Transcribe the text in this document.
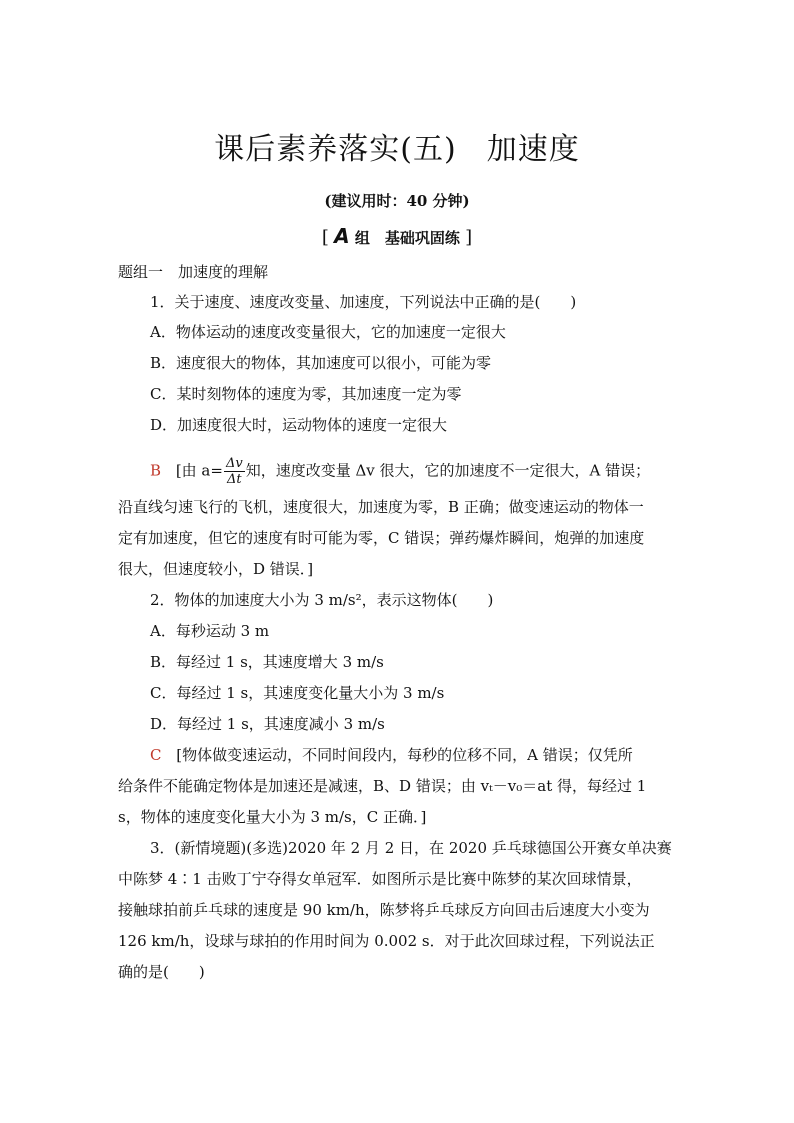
课后素养落实(五) 加速度
(建议用时：40 分钟)
[ A 组　基础巩固练 ]
题组一　加速度的理解
1．关于速度、速度改变量、加速度，下列说法中正确的是(　　)
A．物体运动的速度改变量很大，它的加速度一定很大
B．速度很大的物体，其加速度可以很小，可能为零
C．某时刻物体的速度为零，其加速度一定为零
D．加速度很大时，运动物体的速度一定很大
B [由 $a= \frac{\Delta v}{\Delta t}$ 知，速度改变量 Δv 很大，它的加速度不一定很大，A 错误；
沿直线匀速飞行的飞机，速度很大，加速度为零，B 正确；做变速运动的物体一
定有加速度，但它的速度有时可能为零，C 错误；弹药爆炸瞬间，炮弹的加速度
很大，但速度较小，D 错误．]
2．物体的加速度大小为 3 m/s²，表示这物体(　　)
A．每秒运动 3 m
B．每经过 1 s，其速度增大 3 m/s
C．每经过 1 s，其速度变化量大小为 3 m/s
D．每经过 1 s，其速度减小 3 m/s
C [物体做变速运动，不同时间段内，每秒的位移不同，A 错误；仅凭所
给条件不能确定物体是加速还是减速，B、D 错误；由 vₜ－v₀＝at 得，每经过 1
s，物体的速度变化量大小为 3 m/s，C 正确．]
3．(新情境题)(多选)2020 年 2 月 2 日，在 2020 乒乓球德国公开赛女单决赛
中陈梦 4∶1 击败丁宁夺得女单冠军．如图所示是比赛中陈梦的某次回球情景，
接触球拍前乒乓球的速度是 90 km/h，陈梦将乒乓球反方向回击后速度大小变为
126 km/h，设球与球拍的作用时间为 0.002 s．对于此次回球过程，下列说法正
确的是(　　)
